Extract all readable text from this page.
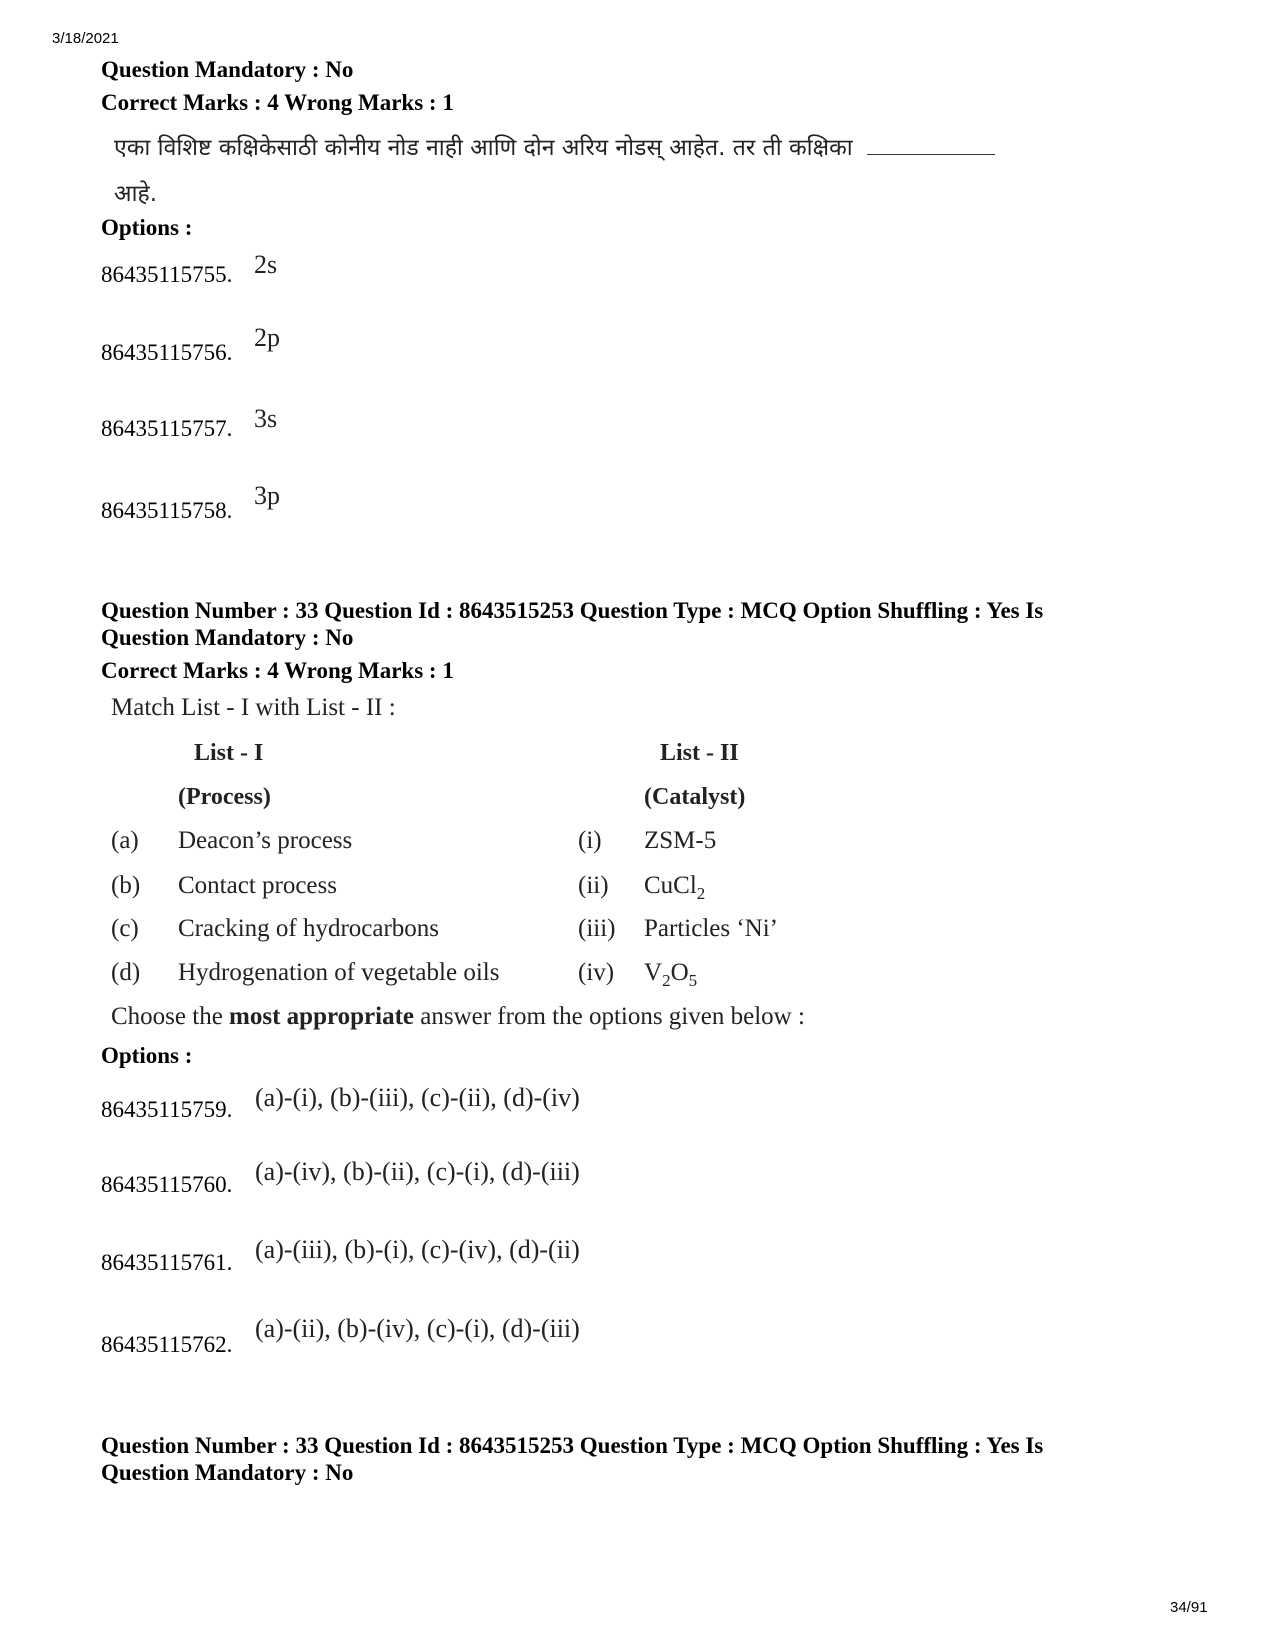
3/18/2021
34/91
Question Mandatory : No
Correct Marks : 4 Wrong Marks : 1
एका विशिष्ट कक्षिकेसाठी कोनीय नोड नाही आणि दोन अरिय नोडस् आहेत. तर ती कक्षिका
आहे.
Options :
86435115755. 2s
86435115756.
2p
86435115757. 3s
86435115758.
3p
Question Number : 33 Question Id : 8643515253 Question Type : MCQ Option Shuffling : Yes Is
Question Mandatory : No
Correct Marks : 4 Wrong Marks : 1
Match List - I with List - II :
List - I	List - II
(Process)	(Catalyst)
(a) Deacon’s process	(i) ZSM-5
(b) Contact process	(ii) CuCl$_2$
(c) Cracking of hydrocarbons	(iii) Particles ‘Ni’
(d) Hydrogenation of vegetable oils	(iv) $V_2O_5$
Choose the most appropriate answer from the options given below :
Options :
86435115759. (a)-(i), (b)-(iii), (c)-(ii), (d)-(iv)
86435115760. (a)-(iv), (b)-(ii), (c)-(i), (d)-(iii)
86435115761. (a)-(iii), (b)-(i), (c)-(iv), (d)-(ii)
86435115762.
(a)-(ii), (b)-(iv), (c)-(i), (d)-(iii)
Question Number : 33 Question Id : 8643515253 Question Type : MCQ Option Shuffling : Yes Is
Question Mandatory : No
